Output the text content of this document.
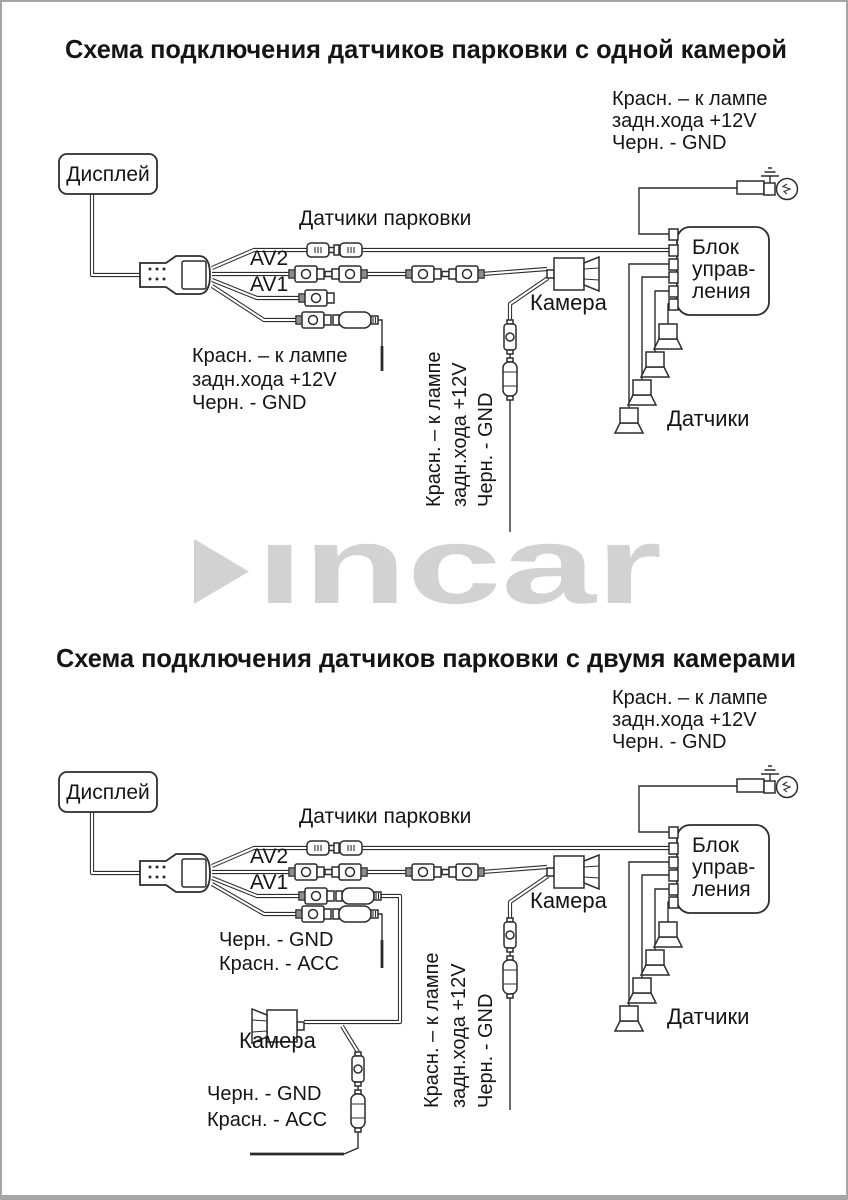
Схема подключения датчиков парковки с одной камерой
Красн. – к лампе
задн.хода +12V
Черн. - GND
Дисплей
Блок
управ-
ления
Датчики парковки
AV2
AV1
Камера
Датчики
Красн. – к лампе
задн.хода +12V
Черн. - GND	Красн. – к лампе задн.хода +12V Черн. - GND
ıncar
Схема подключения датчиков парковки с двумя камерами
Красн. – к лампе
задн.хода +12V
Черн. - GND
Дисплей
Блок
управ-
ления
Датчики парковки
AV2
AV1
Камера
Датчики
Камера
Черн. - GND
Красн. - АСС
Черн. - GND
Красн. - АСС
Красн. – к лампе задн.хода +12V Черн. - GND
